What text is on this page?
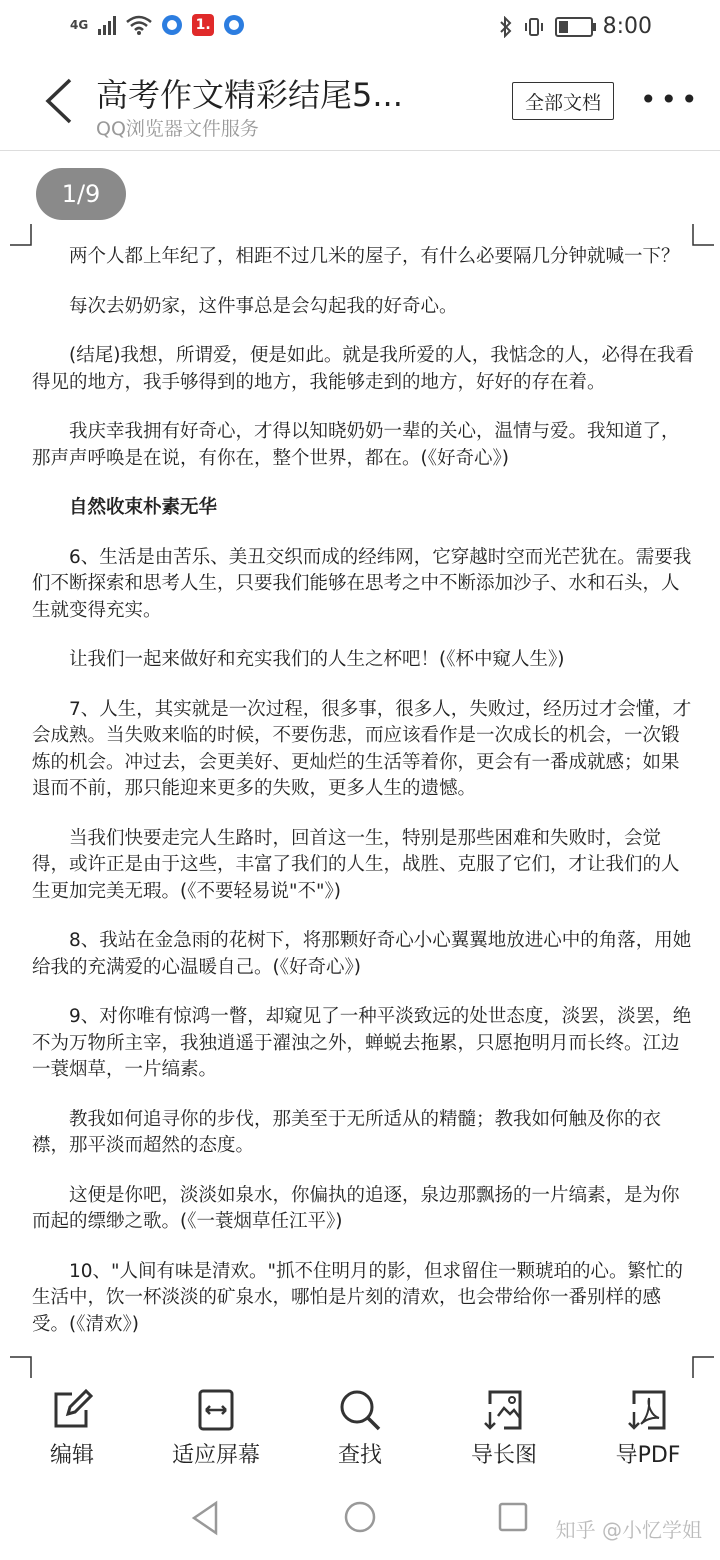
4G	1.	8:00
高考作文精彩结尾5...
QQ浏览器文件服务
全部文档	•••
1/9

两个人都上年纪了，相距不过几米的屋子，有什么必要隔几分钟就喊一下？

每次去奶奶家，这件事总是会勾起我的好奇心。

(结尾)我想，所谓爱，便是如此。就是我所爱的人，我惦念的人，必得在我看得见的地方，我手够得到的地方，我能够走到的地方，好好的存在着。

我庆幸我拥有好奇心，才得以知晓奶奶一辈的关心，温情与爱。我知道了，那声声呼唤是在说，有你在，整个世界，都在。(《好奇心》)

自然收束朴素无华

6、生活是由苦乐、美丑交织而成的经纬网，它穿越时空而光芒犹在。需要我们不断探索和思考人生，只要我们能够在思考之中不断添加沙子、水和石头，人生就变得充实。

让我们一起来做好和充实我们的人生之杯吧！(《杯中窥人生》)

7、人生，其实就是一次过程，很多事，很多人，失败过，经历过才会懂，才会成熟。当失败来临的时候，不要伤悲，而应该看作是一次成长的机会，一次锻炼的机会。冲过去，会更美好、更灿烂的生活等着你，更会有一番成就感；如果退而不前，那只能迎来更多的失败，更多人生的遗憾。

当我们快要走完人生路时，回首这一生，特别是那些困难和失败时，会觉得，或许正是由于这些，丰富了我们的人生，战胜、克服了它们，才让我们的人生更加完美无瑕。(《不要轻易说"不"》)

8、我站在金急雨的花树下，将那颗好奇心小心翼翼地放进心中的角落，用她给我的充满爱的心温暖自己。(《好奇心》)

9、对你唯有惊鸿一瞥，却窥见了一种平淡致远的处世态度，淡罢，淡罢，绝不为万物所主宰，我独逍遥于濯浊之外，蝉蜕去拖累，只愿抱明月而长终。江边一蓑烟草，一片缟素。

教我如何追寻你的步伐，那美至于无所适从的精髓；教我如何触及你的衣襟，那平淡而超然的态度。

这便是你吧，淡淡如泉水，你偏执的追逐，泉边那飘扬的一片缟素，是为你而起的缥缈之歌。(《一蓑烟草任江平》)

10、"人间有味是清欢。"抓不住明月的影，但求留住一颗琥珀的心。繁忙的生活中，饮一杯淡淡的矿泉水，哪怕是片刻的清欢，也会带给你一番别样的感受。(《清欢》)

编辑	适应屏幕	查找	导长图	导PDF
知乎 @小忆学姐
